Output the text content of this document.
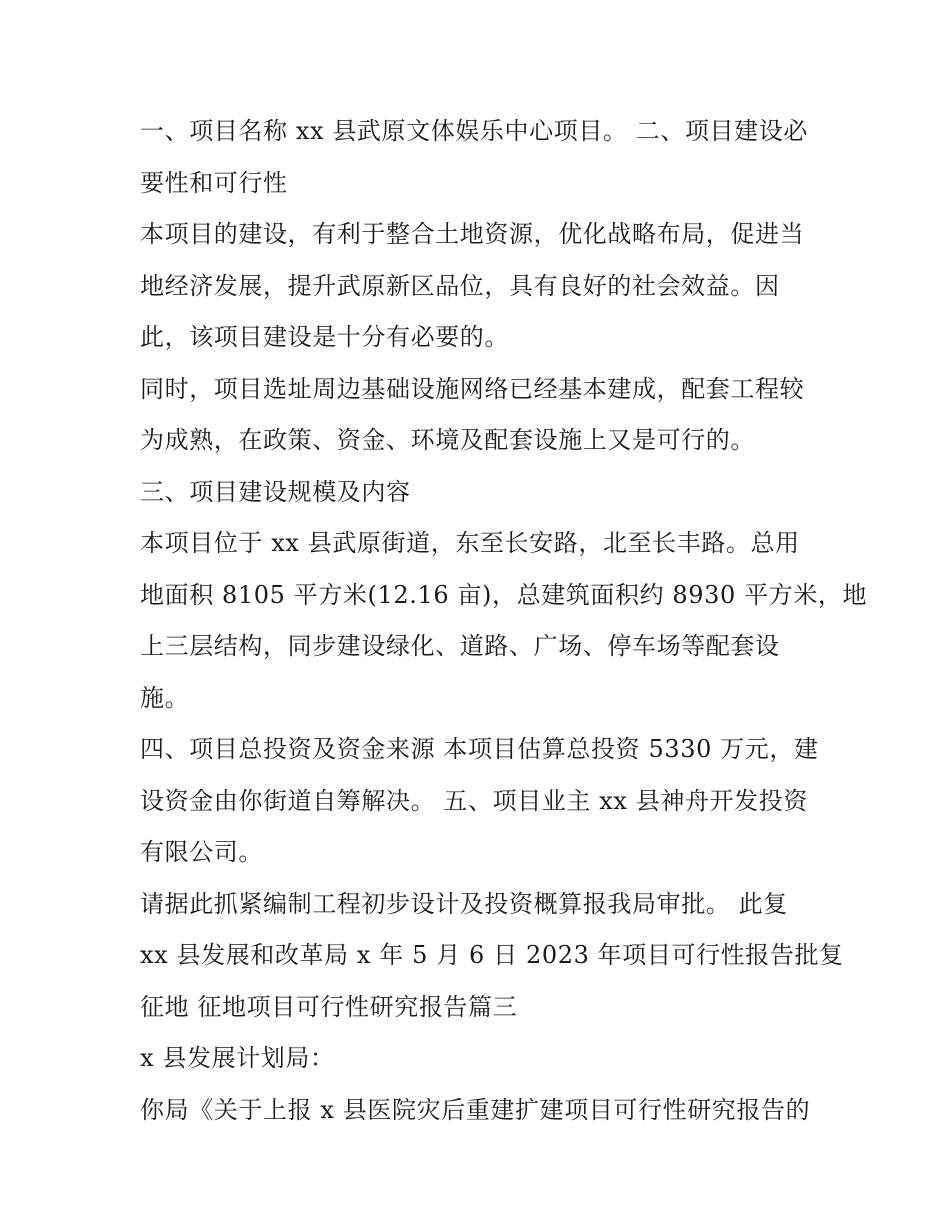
一、项目名称 xx 县武原文体娱乐中心项目。 二、项目建设必
要性和可行性
本项目的建设，有利于整合土地资源，优化战略布局，促进当
地经济发展，提升武原新区品位，具有良好的社会效益。因
此，该项目建设是十分有必要的。
同时，项目选址周边基础设施网络已经基本建成，配套工程较
为成熟，在政策、资金、环境及配套设施上又是可行的。
三、项目建设规模及内容
本项目位于 xx 县武原街道，东至长安路，北至长丰路。总用
地面积 8105 平方米(12.16 亩)，总建筑面积约 8930 平方米，地
上三层结构，同步建设绿化、道路、广场、停车场等配套设
施。
四、项目总投资及资金来源 本项目估算总投资 5330 万元，建
设资金由你街道自筹解决。 五、项目业主 xx 县神舟开发投资
有限公司。
请据此抓紧编制工程初步设计及投资概算报我局审批。 此复
xx 县发展和改革局 x 年 5 月 6 日 2023 年项目可行性报告批复
征地 征地项目可行性研究报告篇三
x 县发展计划局：
你局《关于上报 x 县医院灾后重建扩建项目可行性研究报告的
